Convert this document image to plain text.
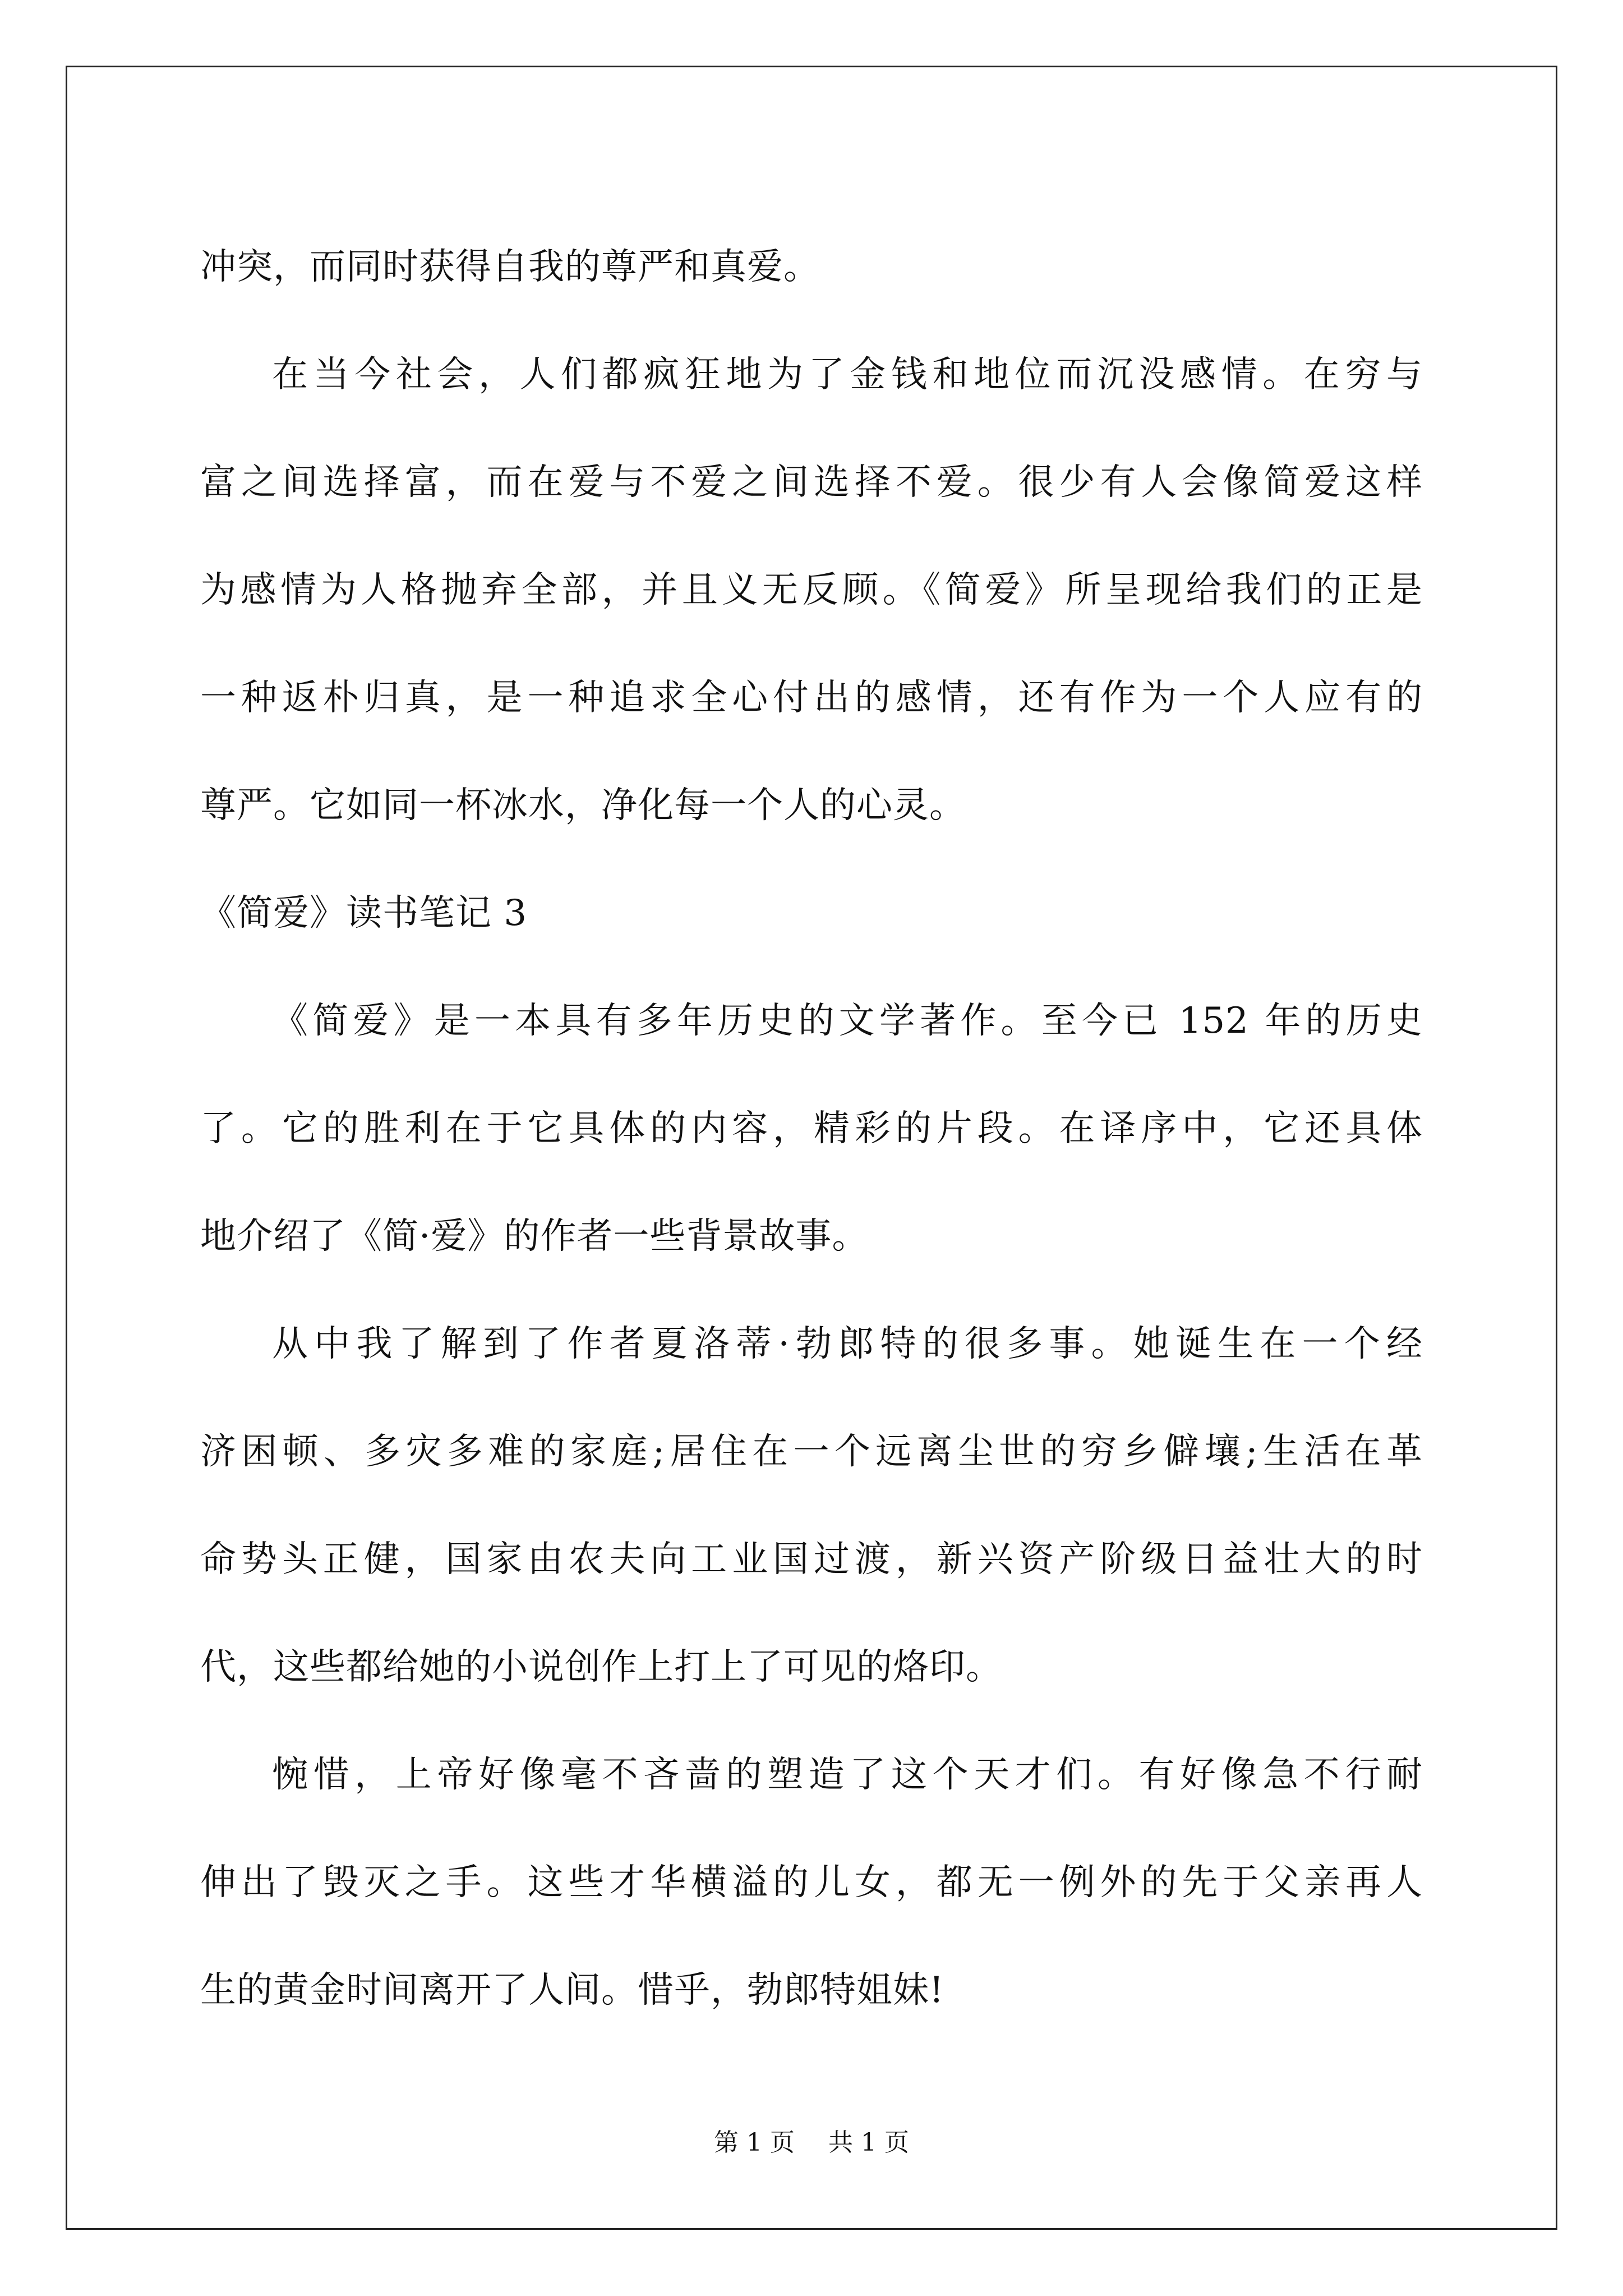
冲突，而同时获得自我的尊严和真爱。
在当今社会，人们都疯狂地为了金钱和地位而沉没感情。在穷与
富之间选择富，而在爱与不爱之间选择不爱。很少有人会像简爱这样
为感情为人格抛弃全部，并且义无反顾。《简爱》所呈现给我们的正是
一种返朴归真，是一种追求全心付出的感情，还有作为一个人应有的
尊严。它如同一杯冰水，净化每一个人的心灵。
《简爱》读书笔记 3
《简爱》是一本具有多年历史的文学著作。至今已 152 年的历史
了。它的胜利在于它具体的内容，精彩的片段。在译序中，它还具体
地介绍了《简·爱》的作者一些背景故事。
从中我了解到了作者夏洛蒂·勃郎特的很多事。她诞生在一个经
济困顿、多灾多难的家庭;居住在一个远离尘世的穷乡僻壤;生活在革
命势头正健，国家由农夫向工业国过渡，新兴资产阶级日益壮大的时
代，这些都给她的小说创作上打上了可见的烙印。
惋惜，上帝好像毫不吝啬的塑造了这个天才们。有好像急不行耐
伸出了毁灭之手。这些才华横溢的儿女，都无一例外的先于父亲再人
生的黄金时间离开了人间。惜乎，勃郎特姐妹!
第 1 页 共 1 页
